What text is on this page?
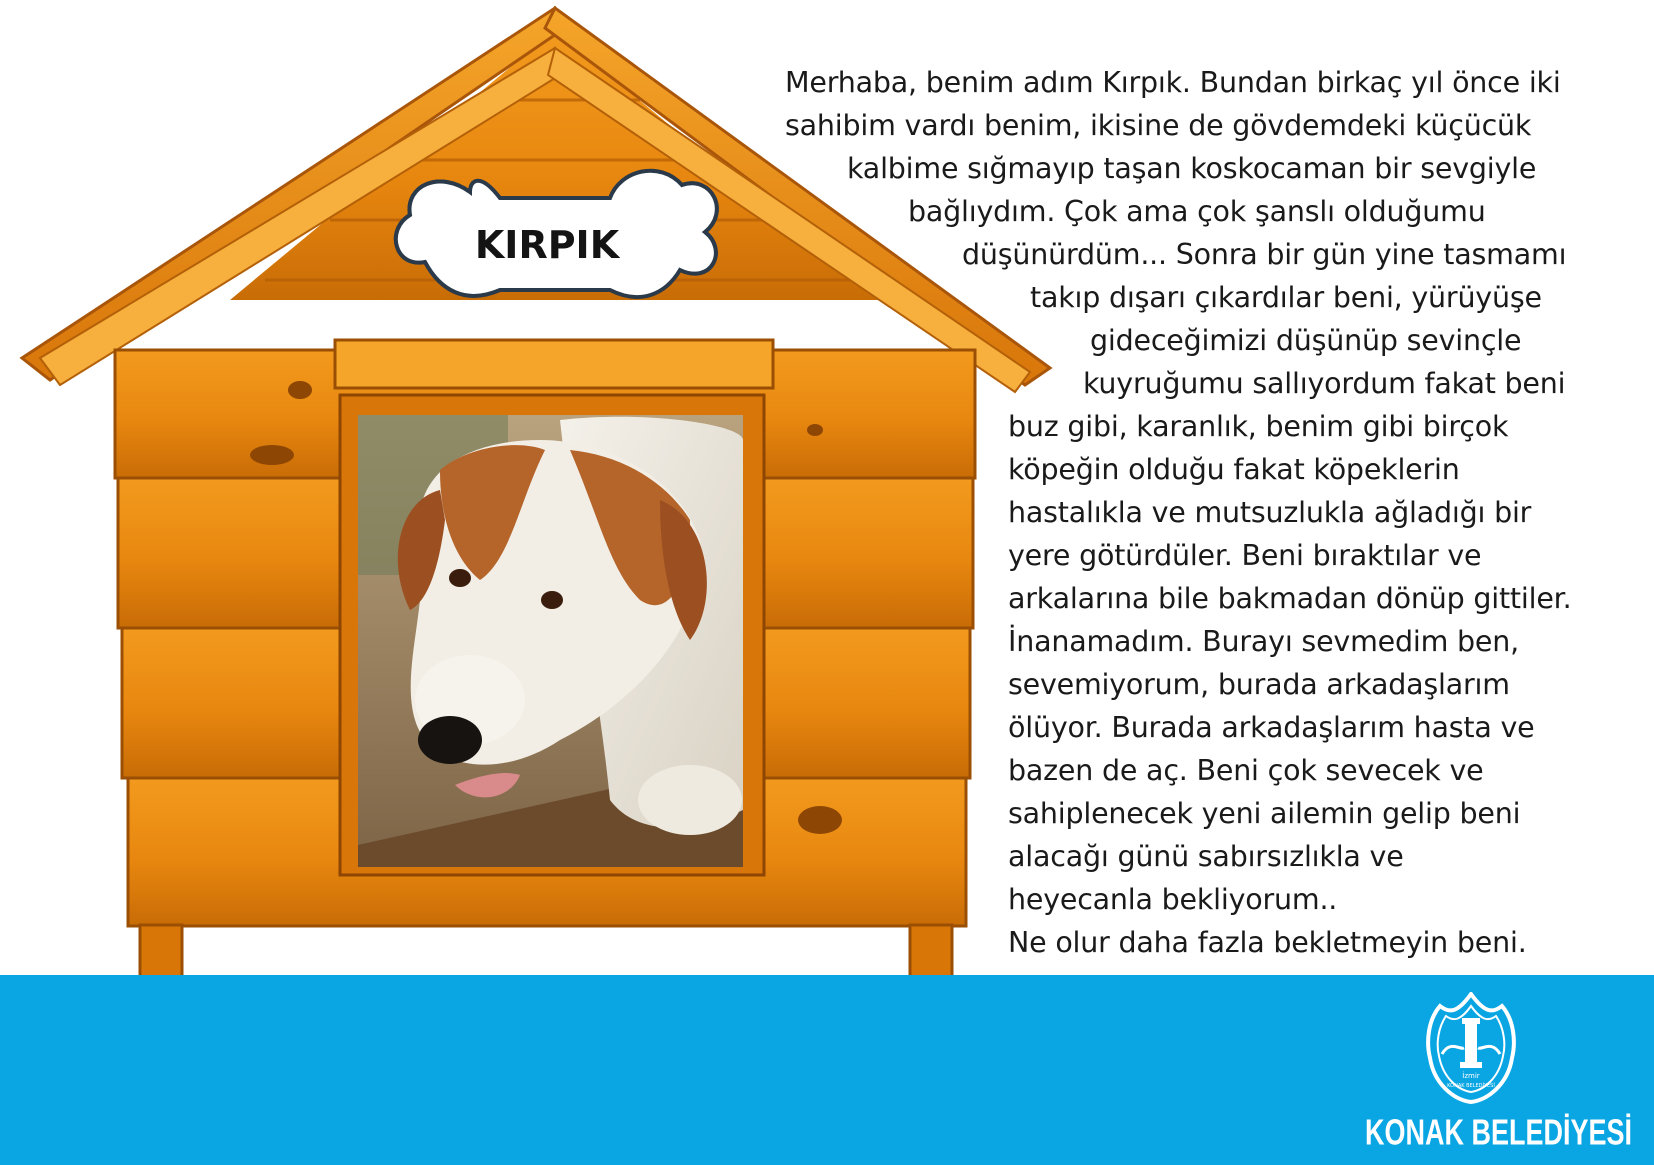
KIRPIK

Merhaba, benim adım Kırpık. Bundan birkaç yıl önce iki

sahibim vardı benim, ikisine de gövdemdeki küçücük

kalbime sığmayıp taşan koskocaman bir sevgiyle

bağlıydım. Çok ama çok şanslı olduğumu

düşünürdüm... Sonra bir gün yine tasmamı

takıp dışarı çıkardılar beni, yürüyüşe

gideceğimizi düşünüp sevinçle

kuyruğumu sallıyordum fakat beni

buz gibi, karanlık, benim gibi birçok

köpeğin olduğu fakat köpeklerin

hastalıkla ve mutsuzlukla ağladığı bir

yere götürdüler. Beni bıraktılar ve

arkalarına bile bakmadan dönüp gittiler.

İnanamadım. Burayı sevmedim ben,

sevemiyorum, burada arkadaşlarım

ölüyor. Burada arkadaşlarım hasta ve

bazen de aç. Beni çok sevecek ve

sahiplenecek yeni ailemin gelip beni

alacağı günü sabırsızlıkla ve

heyecanla bekliyorum..

Ne olur daha fazla bekletmeyin beni.

İzmir
KONAK BELEDİYESİ
KONAK BELEDİYESİ
